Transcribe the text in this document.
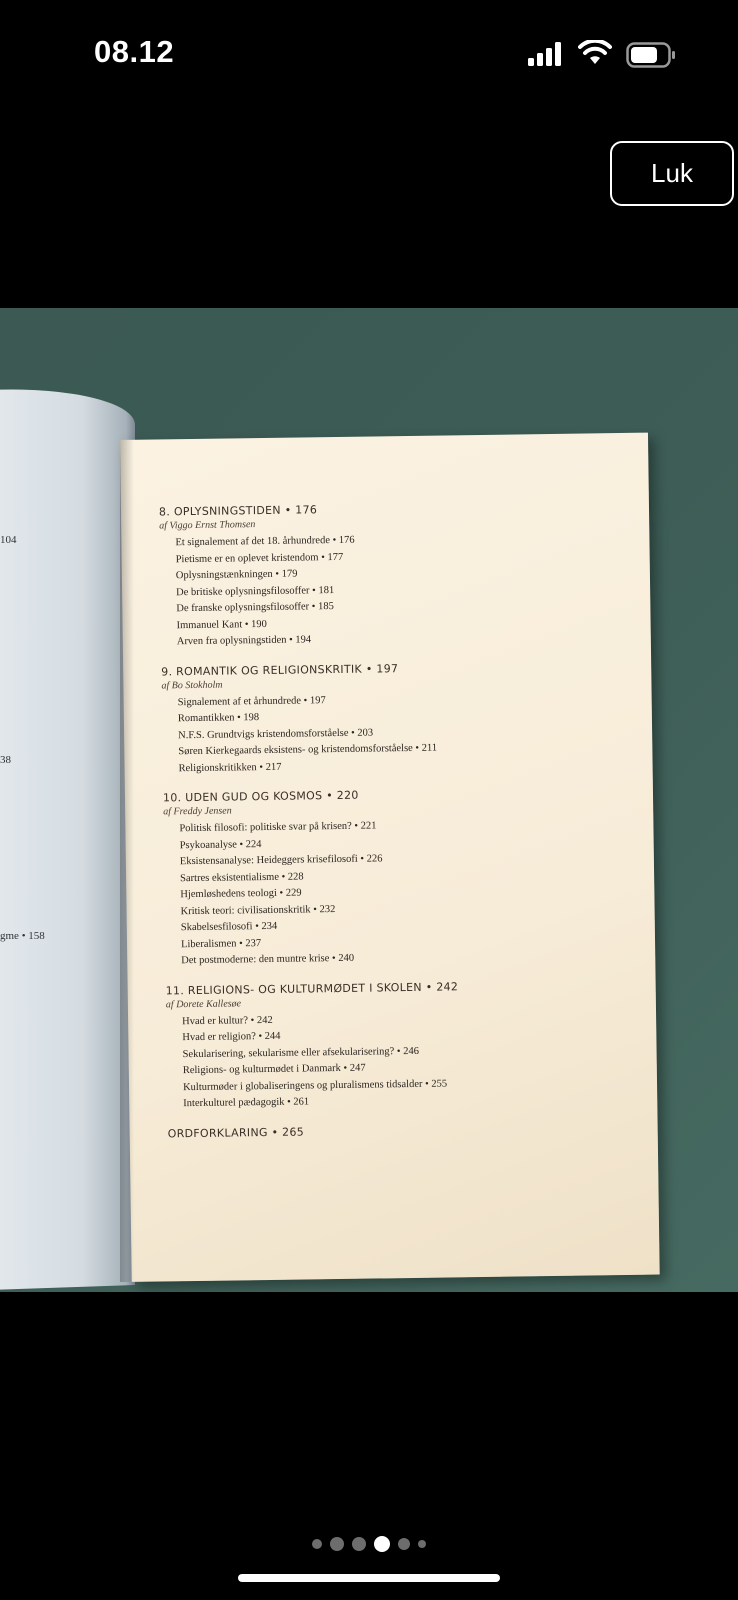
08.12
Luk
104
38
gme • 158
8. OPLYSNINGSTIDEN • 176
af Viggo Ernst Thomsen
Et signalement af det 18. århundrede • 176
Pietisme er en oplevet kristendom • 177
Oplysningstænkningen • 179
De britiske oplysningsfilosoffer • 181
De franske oplysningsfilosoffer • 185
Immanuel Kant • 190
Arven fra oplysningstiden • 194
9. ROMANTIK OG RELIGIONSKRITIK • 197
af Bo Stokholm
Signalement af et århundrede • 197
Romantikken • 198
N.F.S. Grundtvigs kristendomsforståelse • 203
Søren Kierkegaards eksistens- og kristendomsforståelse • 211
Religionskritikken • 217
10. UDEN GUD OG KOSMOS • 220
af Freddy Jensen
Politisk filosofi: politiske svar på krisen? • 221
Psykoanalyse • 224
Eksistensanalyse: Heideggers krisefilosofi • 226
Sartres eksistentialisme • 228
Hjemløshedens teologi • 229
Kritisk teori: civilisationskritik • 232
Skabelsesfilosofi • 234
Liberalismen • 237
Det postmoderne: den muntre krise • 240
11. RELIGIONS- OG KULTURMØDET I SKOLEN • 242
af Dorete Kallesøe
Hvad er kultur? • 242
Hvad er religion? • 244
Sekularisering, sekularisme eller afsekularisering? • 246
Religions- og kulturmødet i Danmark • 247
Kulturmøder i globaliseringens og pluralismens tidsalder • 255
Interkulturel pædagogik • 261
ORDFORKLARING • 265
